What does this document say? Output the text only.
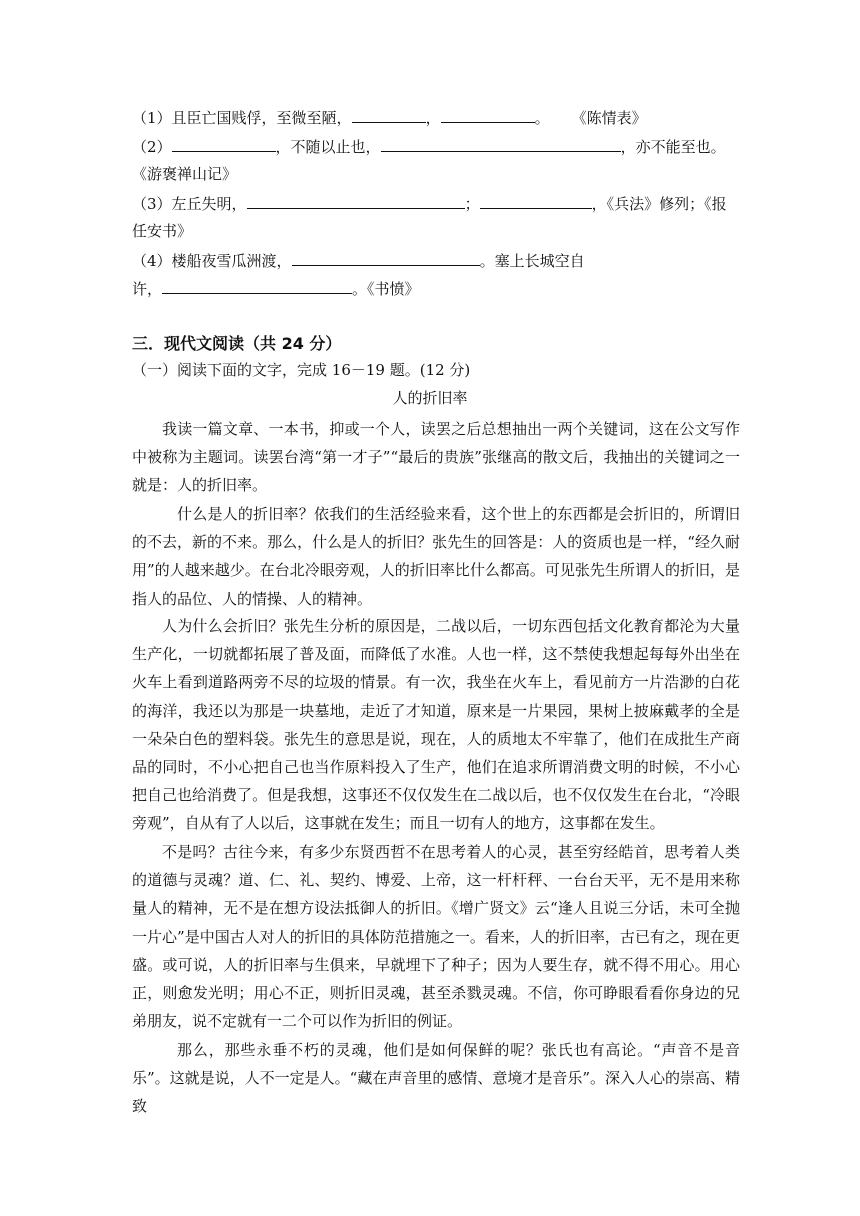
（1）且臣亡国贱俘，至微至陋，	，	。 《陈情表》
（2）	，不随以止也，	，亦不能至也。
《游褒禅山记》
（3）左丘失明，	；	，《兵法》修列；《报
任安书》
（4）楼船夜雪瓜洲渡，	。塞上长城空自
许，	。《书愤》
三．现代文阅读（共 24 分）
（一）阅读下面的文字，完成 16－19 题。(12 分)
人的折旧率
我读一篇文章、一本书，抑或一个人，读罢之后总想抽出一两个关键词，这在公文写作中被称为主题词。读罢台湾“第一才子”“最后的贵族”张继高的散文后，我抽出的关键词之一就是：人的折旧率。
什么是人的折旧率？依我们的生活经验来看，这个世上的东西都是会折旧的，所谓旧的不去，新的不来。那么，什么是人的折旧？张先生的回答是：人的资质也是一样，“经久耐用”的人越来越少。在台北冷眼旁观，人的折旧率比什么都高。可见张先生所谓人的折旧，是指人的品位、人的情操、人的精神。
人为什么会折旧？张先生分析的原因是，二战以后，一切东西包括文化教育都沦为大量生产化，一切就都拓展了普及面，而降低了水准。人也一样，这不禁使我想起每每外出坐在火车上看到道路两旁不尽的垃圾的情景。有一次，我坐在火车上，看见前方一片浩渺的白花的海洋，我还以为那是一块墓地，走近了才知道，原来是一片果园，果树上披麻戴孝的全是一朵朵白色的塑料袋。张先生的意思是说，现在，人的质地太不牢靠了，他们在成批生产商品的同时，不小心把自己也当作原料投入了生产，他们在追求所谓消费文明的时候，不小心把自己也给消费了。但是我想，这事还不仅仅发生在二战以后，也不仅仅发生在台北，“冷眼旁观”，自从有了人以后，这事就在发生；而且一切有人的地方，这事都在发生。
不是吗？古往今来，有多少东贤西哲不在思考着人的心灵，甚至穷经皓首，思考着人类的道德与灵魂？道、仁、礼、契约、博爱、上帝，这一杆杆秤、一台台天平，无不是用来称量人的精神，无不是在想方设法抵御人的折旧。《增广贤文》云“逢人且说三分话，未可全抛一片心”是中国古人对人的折旧的具体防范措施之一。看来，人的折旧率，古已有之，现在更盛。或可说，人的折旧率与生俱来，早就埋下了种子；因为人要生存，就不得不用心。用心正，则愈发光明；用心不正，则折旧灵魂，甚至杀戮灵魂。不信，你可睁眼看看你身边的兄弟朋友，说不定就有一二个可以作为折旧的例证。
那么，那些永垂不朽的灵魂，他们是如何保鲜的呢？张氏也有高论。“声音不是音乐”。这就是说，人不一定是人。“藏在声音里的感情、意境才是音乐”。深入人心的崇高、精致
